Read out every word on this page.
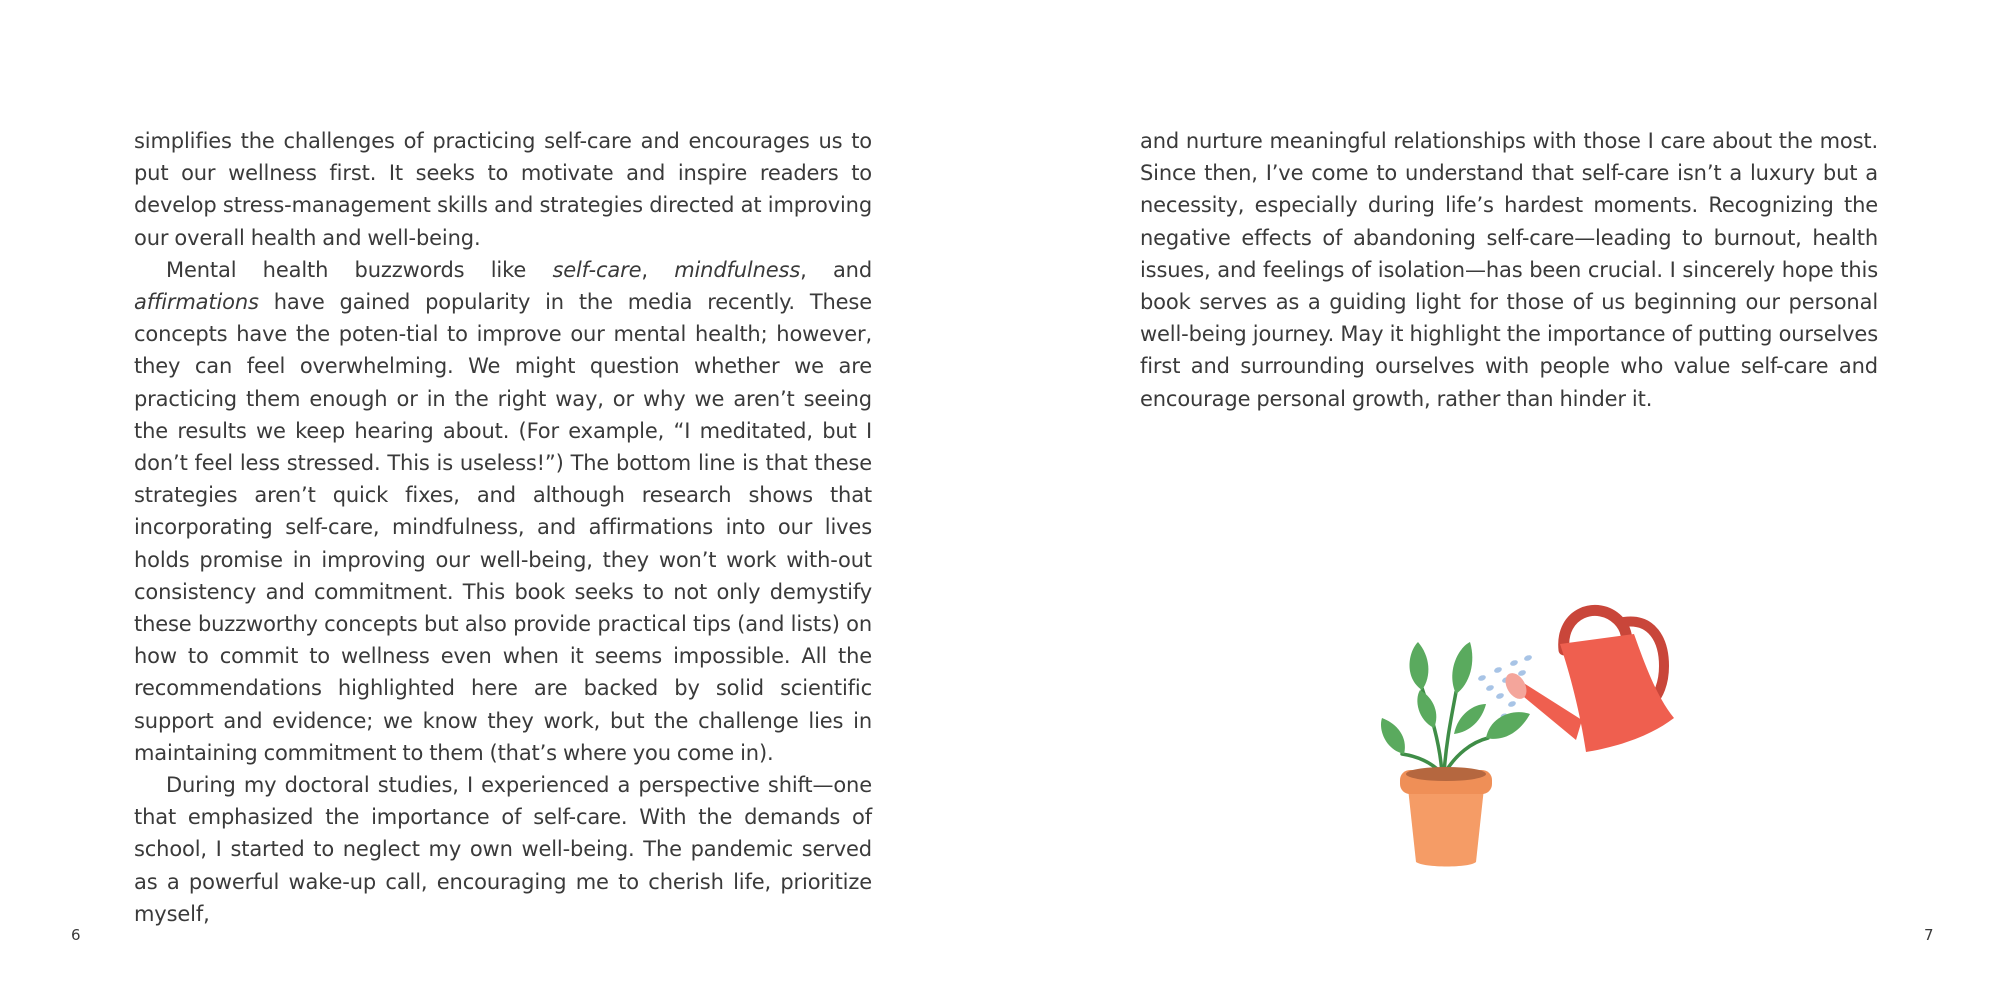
simplifies the challenges of practicing self-care and encourages us to put our wellness first. It seeks to motivate and inspire readers to develop stress-management skills and strategies directed at improving our overall health and well-being.

Mental health buzzwords like self-care, mindfulness, and affirmations have gained popularity in the media recently. These concepts have the poten-tial to improve our mental health; however, they can feel overwhelming. We might question whether we are practicing them enough or in the right way, or why we aren’t seeing the results we keep hearing about. (For example, “I meditated, but I don’t feel less stressed. This is useless!”) The bottom line is that these strategies aren’t quick fixes, and although research shows that incorporating self-care, mindfulness, and affirmations into our lives holds promise in improving our well-being, they won’t work with-out consistency and commitment. This book seeks to not only demystify these buzzworthy concepts but also provide practical tips (and lists) on how to commit to wellness even when it seems impossible. All the recommendations highlighted here are backed by solid scientific support and evidence; we know they work, but the challenge lies in maintaining commitment to them (that’s where you come in).

During my doctoral studies, I experienced a perspective shift—one that emphasized the importance of self-care. With the demands of school, I started to neglect my own well-being. The pandemic served as a powerful wake-up call, encouraging me to cherish life, prioritize myself,

6

and nurture meaningful relationships with those I care about the most. Since then, I’ve come to understand that self-care isn’t a luxury but a necessity, especially during life’s hardest moments. Recognizing the negative effects of abandoning self-care—leading to burnout, health issues, and feelings of isolation—has been crucial. I sincerely hope this book serves as a guiding light for those of us beginning our personal well-being journey. May it highlight the importance of putting ourselves first and surrounding ourselves with people who value self-care and encourage personal growth, rather than hinder it.

7
